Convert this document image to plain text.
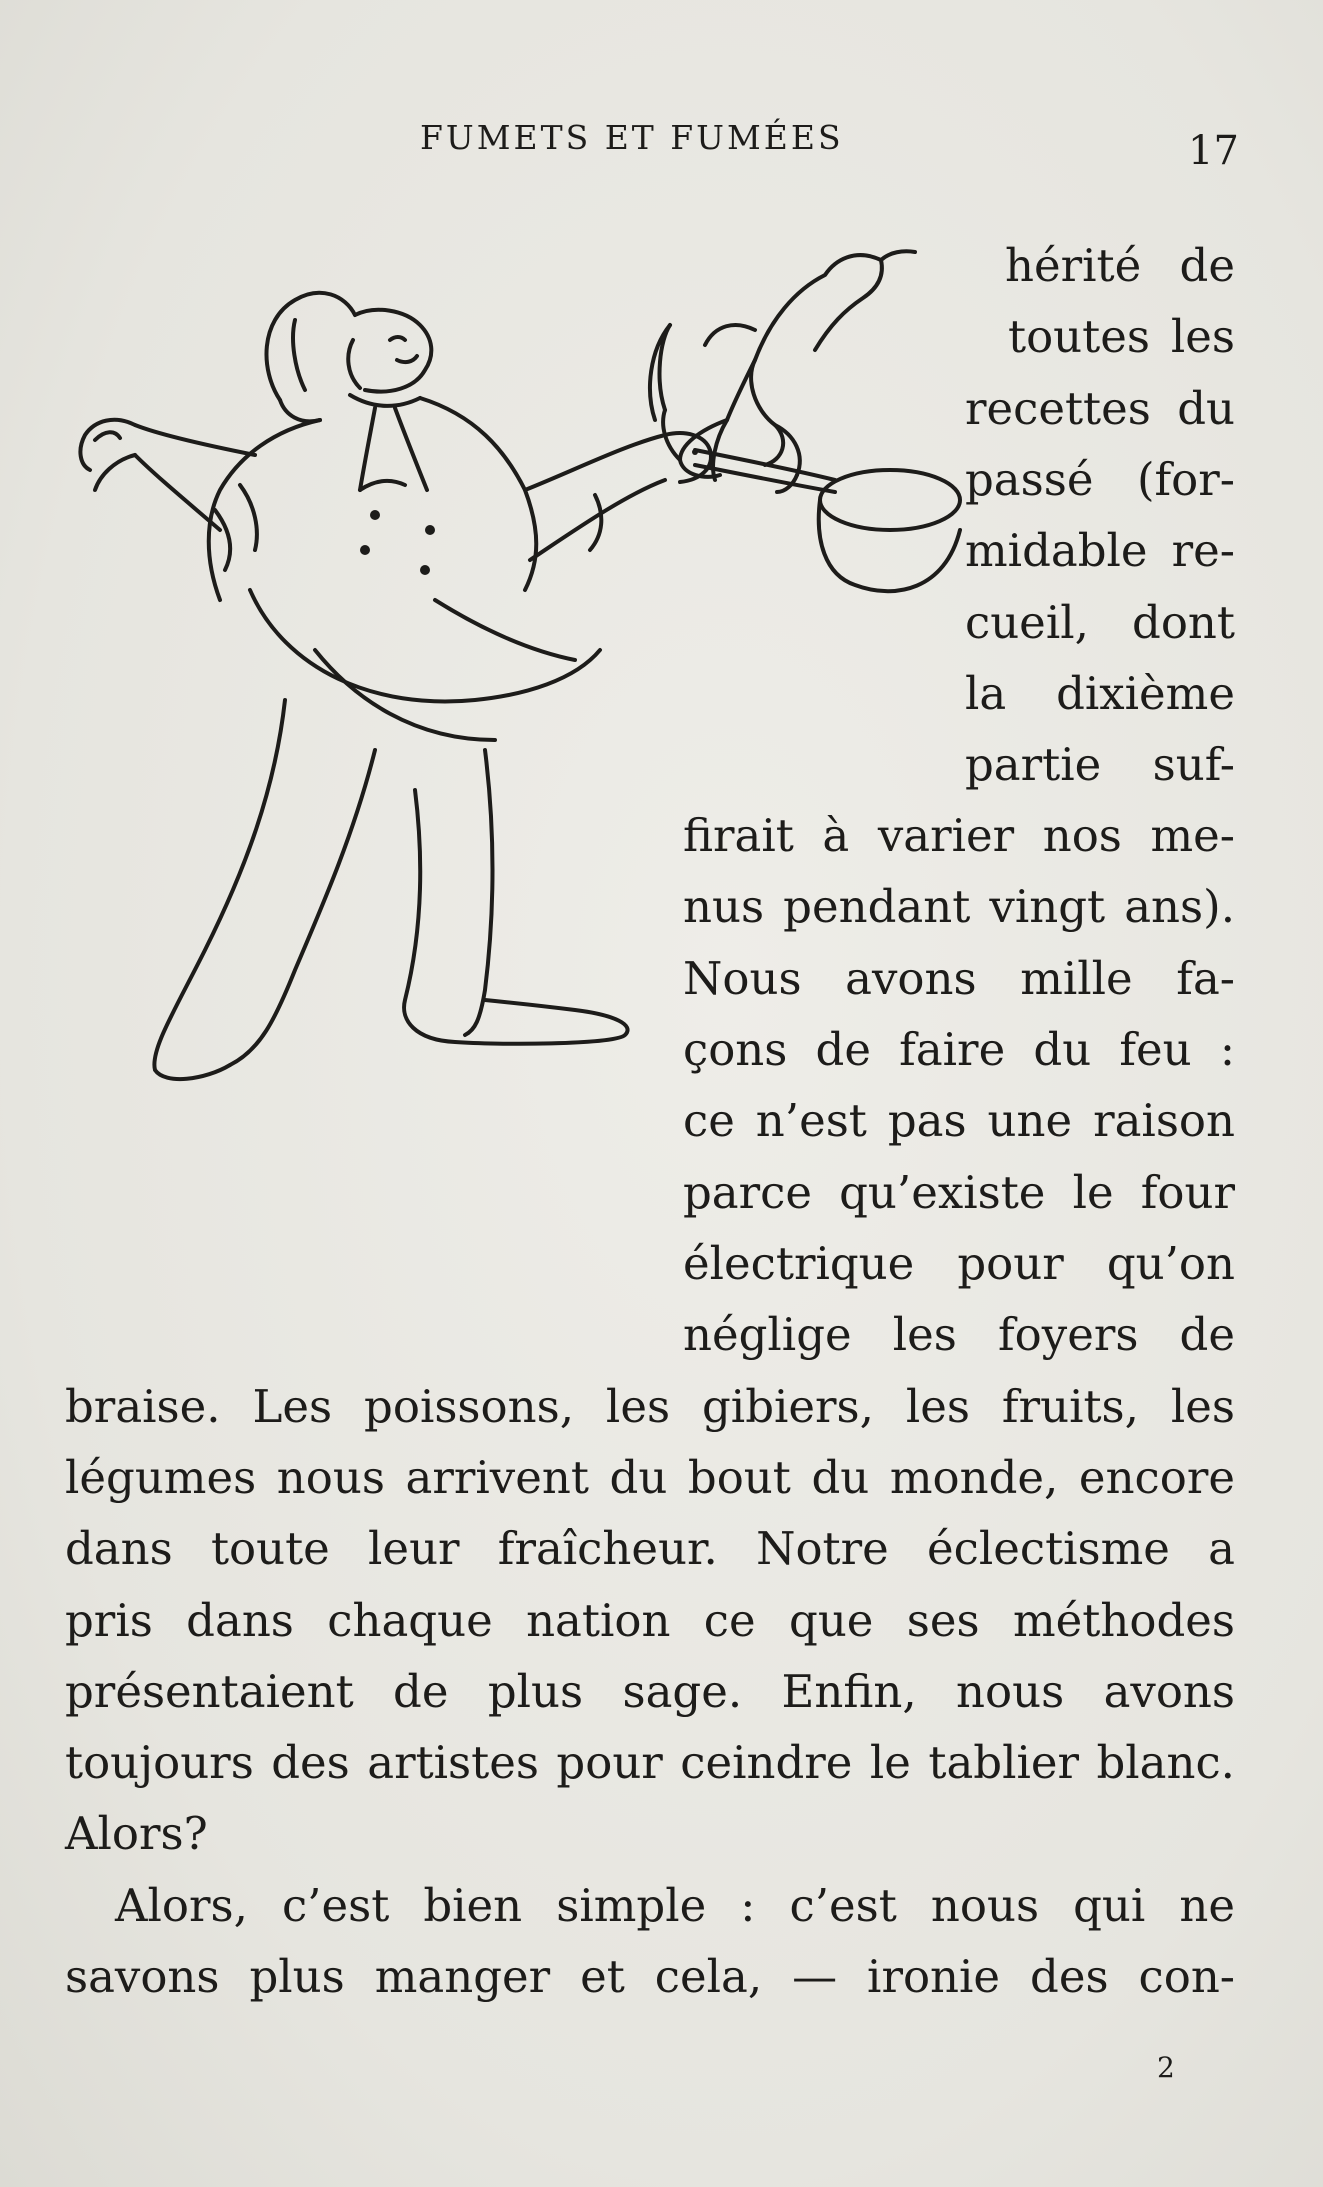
FUMETS ET FUMÉES	17
hérité de
toutes les
recettes du
passé (for-
midable re-
cueil, dont
la dixième
partie suf-
firait à varier nos me-
nus pendant vingt ans).
Nous avons mille fa-
çons de faire du feu :
ce n’est pas une raison
parce qu’existe le four
électrique pour qu’on
néglige les foyers de
braise. Les poissons, les gibiers, les fruits, les
légumes nous arrivent du bout du monde, encore
dans toute leur fraîcheur. Notre éclectisme a
pris dans chaque nation ce que ses méthodes
présentaient de plus sage. Enfin, nous avons
toujours des artistes pour ceindre le tablier blanc.
Alors?
Alors, c’est bien simple : c’est nous qui ne
savons plus manger et cela, — ironie des con-
2
